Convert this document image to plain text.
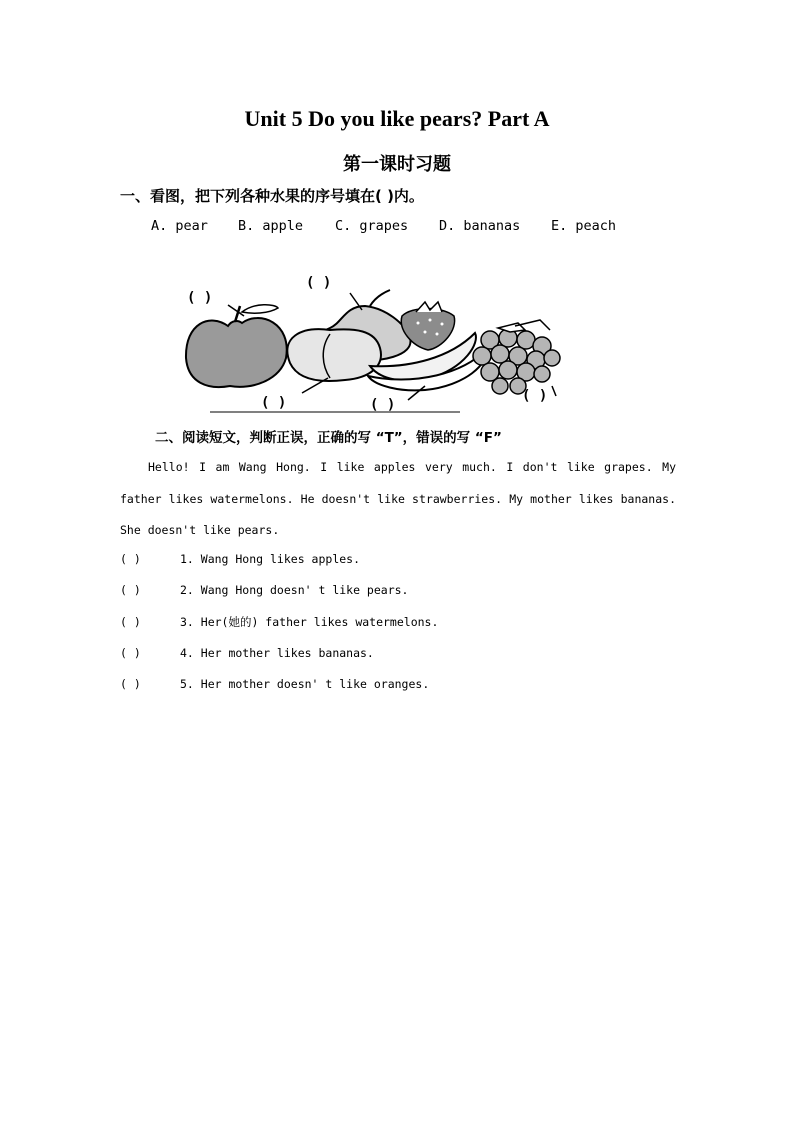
Unit 5 Do you like pears? Part A
第一课时习题
一、看图，把下列各种水果的序号填在( )内。
A. pear B. apple C. grapes D. bananas E. peach
( )
( )
( )	( )
( )
二、阅读短文，判断正误，正确的写 “T”，错误的写 “F”
Hello! I am Wang Hong. I like apples very much. I don't like grapes. My father likes watermelons. He doesn't like strawberries. My mother likes bananas. She doesn't like pears.
( )	1. Wang Hong likes apples.
( )	2. Wang Hong doesn' t like pears.
( )	3. Her(她的) father likes watermelons.
( )	4. Her mother likes bananas.
( )	5. Her mother doesn' t like oranges.
